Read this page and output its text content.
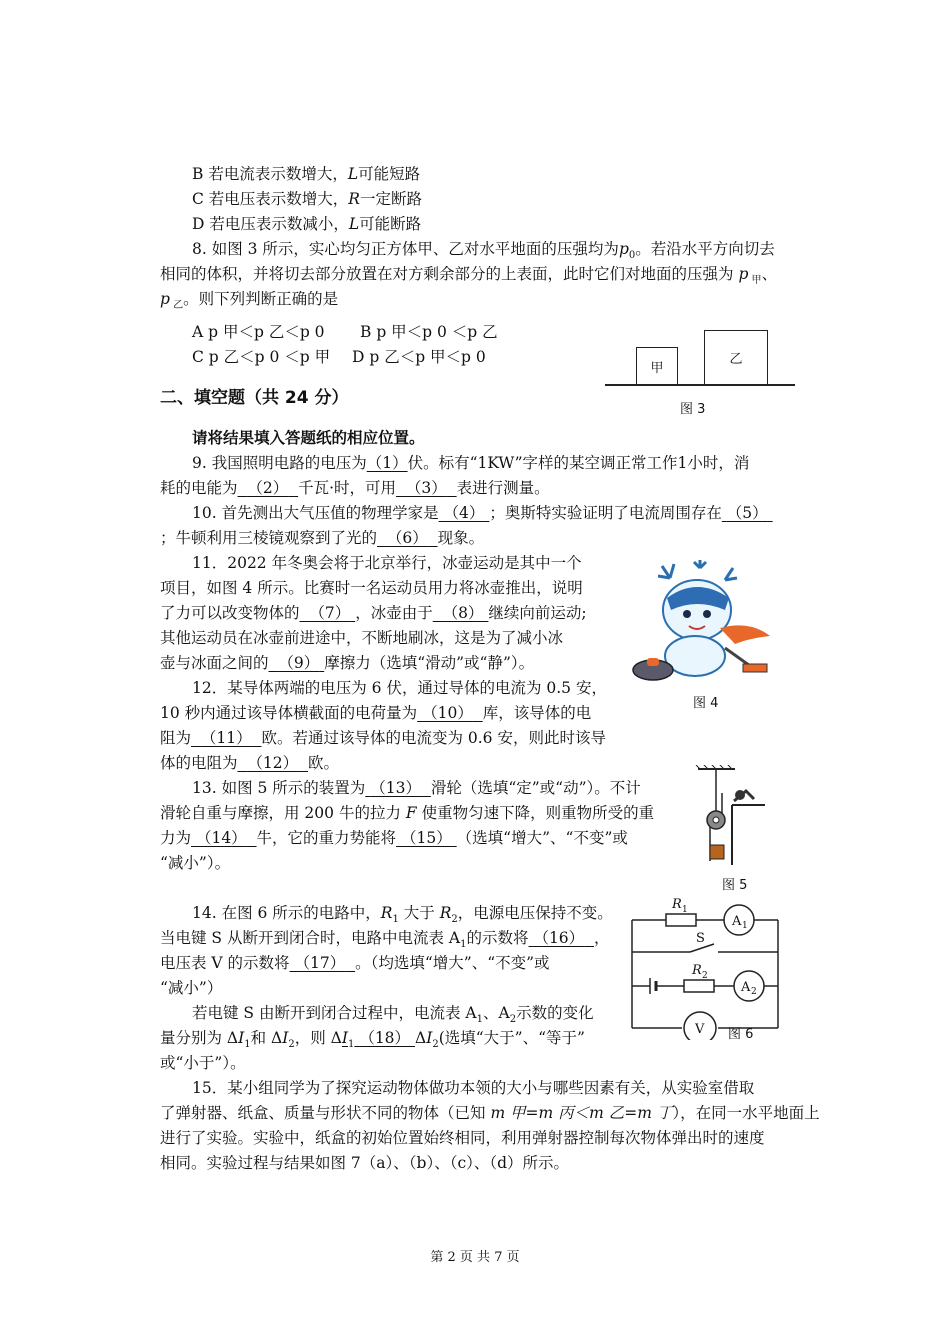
B 若电流表示数增大，L可能短路
C 若电压表示数增大，R一定断路
D 若电压表示数减小，L可能断路
8. 如图 3 所示，实心均匀正方体甲、乙对水平地面的压强均为$p_0$。若沿水平方向切去
相同的体积，并将切去部分放置在对方剩余部分的上表面，此时它们对地面的压强为 p $_甲$、
p $_乙$。则下列判断正确的是
A p 甲＜p 乙＜p 0 B p 甲＜p 0 ＜p 乙
C p 乙＜p 0 ＜p 甲 D p 乙＜p 甲＜p 0
甲
乙
图 3
二、填空题（共 24 分）
请将结果填入答题纸的相应位置。
9. 我国照明电路的电压为（1）伏。标有“1KW”字样的某空调正常工作1小时，消
耗的电能为 （2） 千瓦·时，可用 （3） 表进行测量。
10. 首先测出大气压值的物理学家是 （4） ；奥斯特实验证明了电流周围存在 （5）
；牛顿利用三棱镜观察到了光的 （6） 现象。
11．2022 年冬奥会将于北京举行，冰壶运动是其中一个
项目，如图 4 所示。比赛时一名运动员用力将冰壶推出，说明
了力可以改变物体的 （7） ，冰壶由于 （8） 继续向前运动;
其他运动员在冰壶前进途中，不断地刷冰，这是为了减小冰
壶与冰面之间的 （9） 摩擦力（选填“滑动”或“静”）。
图 4
12．某导体两端的电压为 6 伏，通过导体的电流为 0.5 安，
10 秒内通过该导体横截面的电荷量为 （10） 库，该导体的电
阻为 （11） 欧。若通过该导体的电流变为 0.6 安，则此时该导
体的电阻为 （12） 欧。
13. 如图 5 所示的装置为 （13） 滑轮（选填“定”或“动”）。不计
滑轮自重与摩擦，用 200 牛的拉力 F 使重物匀速下降，则重物所受的重
力为 （14） 牛，它的重力势能将 （15） （选填“增大”、“不变”或
“减小”）。
图 5
14. 在图 6 所示的电路中，$R_1$ 大于 $R_2$，电源电压保持不变。
当电键 S 从断开到闭合时，电路中电流表 $A_1$的示数将 （16） ，
电压表 V 的示数将 （17） 。（均选填“增大”、“不变”或
“减小”）
若电键 S 由断开到闭合过程中，电流表 $A_1$、$A_2$示数的变化
量分别为 $\Delta I_1$和 $\Delta I_2$，则 $\Delta I_1$ （18） $\Delta I_2$(选填“大于”、“等于”
或“小于”）。
R 1
A 1
S
R 2
A 2
V 图 6
15．某小组同学为了探究运动物体做功本领的大小与哪些因素有关，从实验室借取
了弹射器、纸盒、质量与形状不同的物体（已知 m 甲=m 丙＜m 乙=m 丁），在同一水平地面上
进行了实验。实验中，纸盒的初始位置始终相同，利用弹射器控制每次物体弹出时的速度
相同。实验过程与结果如图 7（a）、（b）、（c）、（d）所示。
第 2 页 共 7 页
